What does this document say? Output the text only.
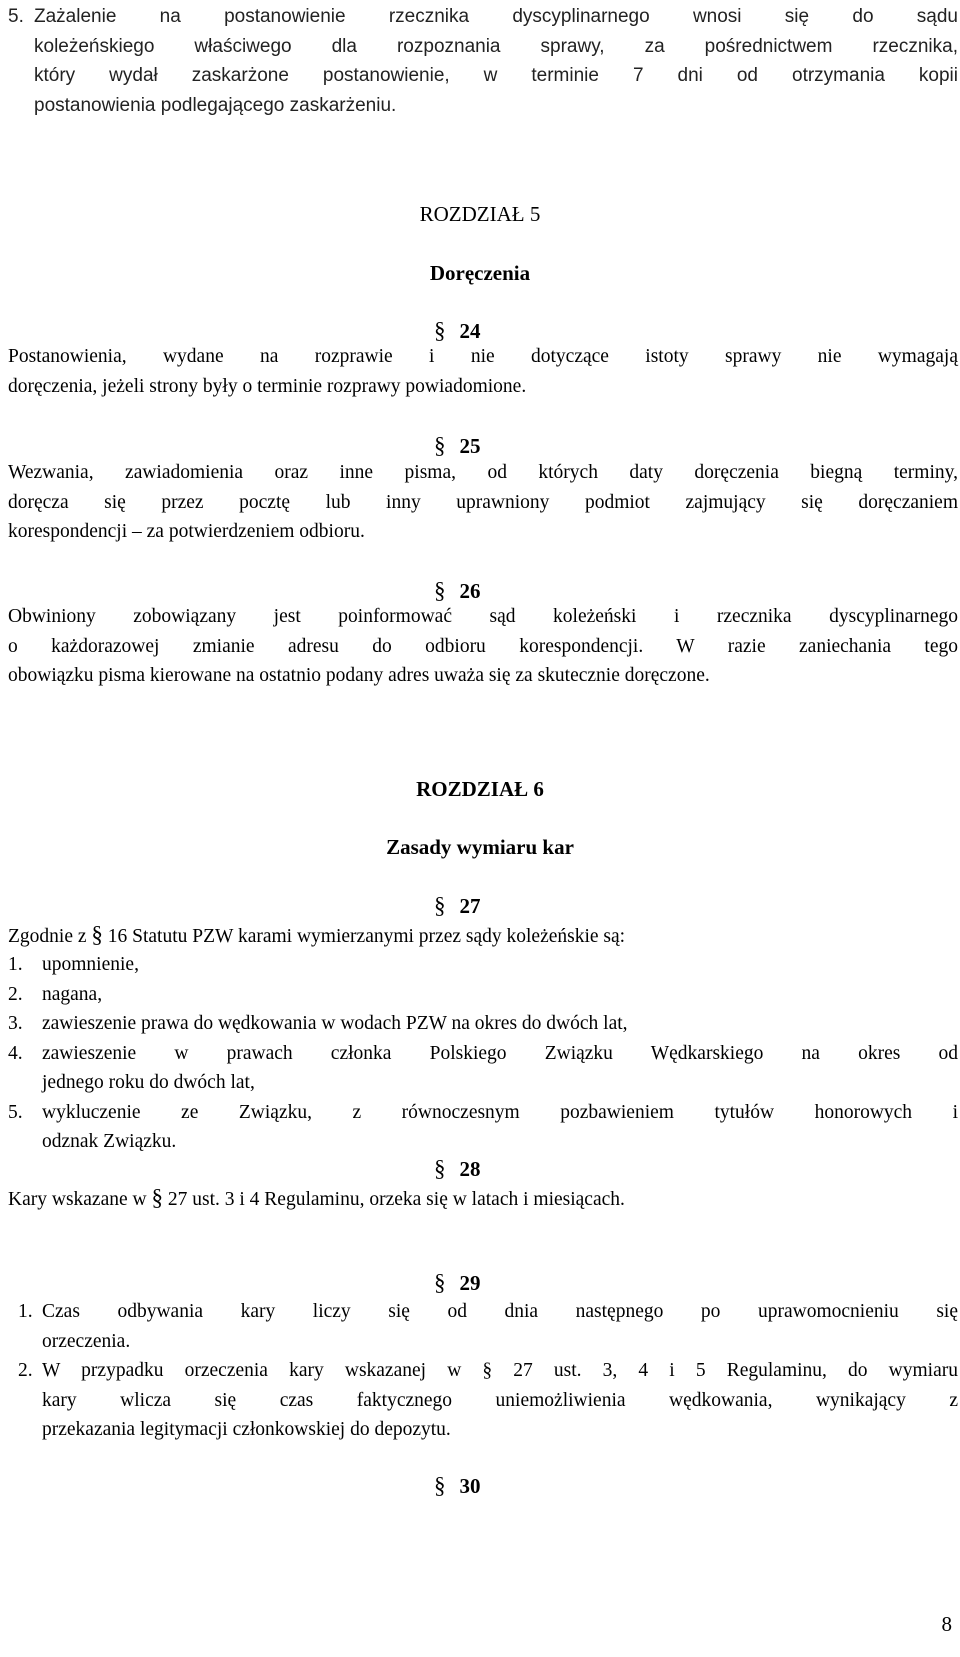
5. Zażalenie na postanowienie rzecznika dyscyplinarnego wnosi się do sądu
koleżeńskiego właściwego dla rozpoznania sprawy, za pośrednictwem rzecznika,
który wydał zaskarżone postanowienie, w terminie 7 dni od otrzymania kopii
postanowienia podlegającego zaskarżeniu.
ROZDZIAŁ 5
Doręczenia
§ 24
Postanowienia, wydane na rozprawie i nie dotyczące istoty sprawy nie wymagają
doręczenia, jeżeli strony były o terminie rozprawy powiadomione.
§ 25
Wezwania, zawiadomienia oraz inne pisma, od których daty doręczenia biegną terminy,
doręcza się przez pocztę lub inny uprawniony podmiot zajmujący się doręczaniem
korespondencji – za potwierdzeniem odbioru.
§ 26
Obwiniony zobowiązany jest poinformować sąd koleżeński i rzecznika dyscyplinarnego
o każdorazowej zmianie adresu do odbioru korespondencji. W razie zaniechania tego
obowiązku pisma kierowane na ostatnio podany adres uważa się za skutecznie doręczone.
ROZDZIAŁ 6
Zasady wymiaru kar
§ 27
Zgodnie z § 16 Statutu PZW karami wymierzanymi przez sądy koleżeńskie są:
1. upomnienie,
2. nagana,
3. zawieszenie prawa do wędkowania w wodach PZW na okres do dwóch lat,
4. zawieszenie w prawach członka Polskiego Związku Wędkarskiego na okres od
jednego roku do dwóch lat,
5. wykluczenie ze Związku, z równoczesnym pozbawieniem tytułów honorowych i
odznak Związku.
§ 28
Kary wskazane w § 27 ust. 3 i 4 Regulaminu, orzeka się w latach i miesiącach.
§ 29
1. Czas odbywania kary liczy się od dnia następnego po uprawomocnieniu się
orzeczenia.
2. W przypadku orzeczenia kary wskazanej w § 27 ust. 3, 4 i 5 Regulaminu, do wymiaru
kary wlicza się czas faktycznego uniemożliwienia wędkowania, wynikający z
przekazania legitymacji członkowskiej do depozytu.
§ 30
8
